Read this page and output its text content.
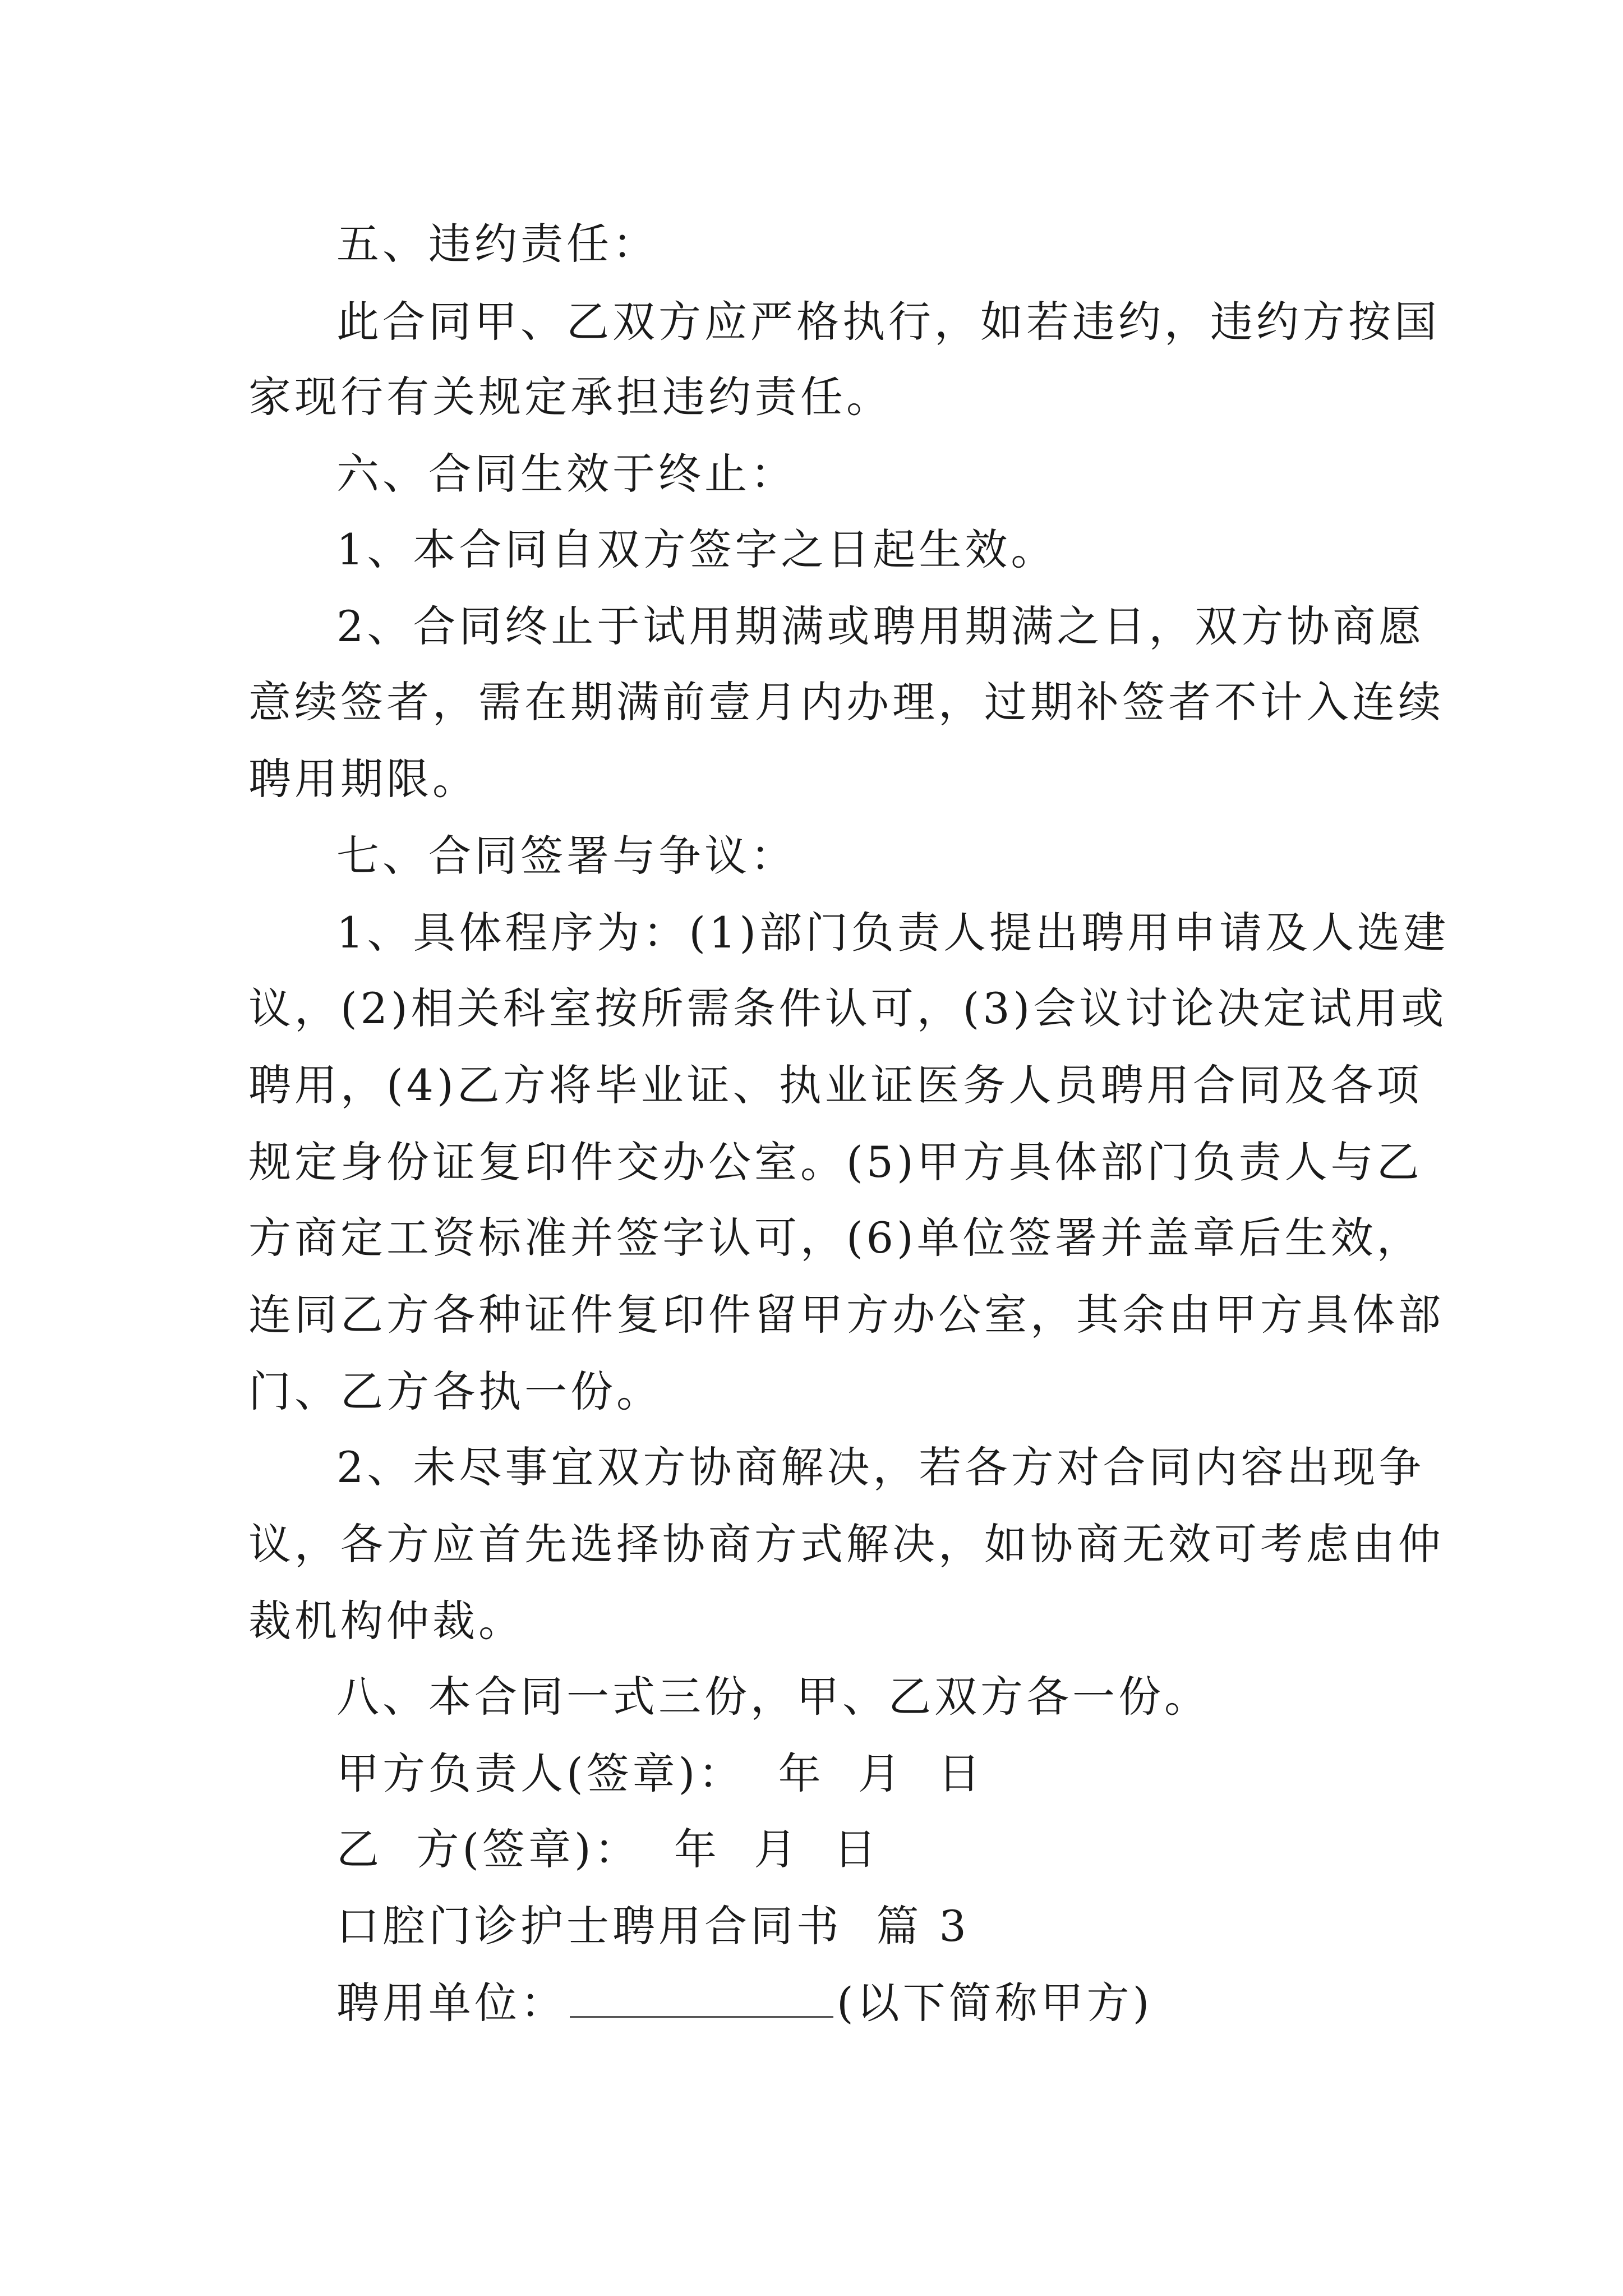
五、违约责任：
此合同甲、乙双方应严格执行，如若违约，违约方按国
家现行有关规定承担违约责任。
六、合同生效于终止：
1、本合同自双方签字之日起生效。
2、合同终止于试用期满或聘用期满之日，双方协商愿
意续签者，需在期满前壹月内办理，过期补签者不计入连续
聘用期限。
七、合同签署与争议：
1、具体程序为：(1)部门负责人提出聘用申请及人选建
议，(2)相关科室按所需条件认可，(3)会议讨论决定试用或
聘用，(4)乙方将毕业证、执业证医务人员聘用合同及各项
规定身份证复印件交办公室。(5)甲方具体部门负责人与乙
方商定工资标准并签字认可，(6)单位签署并盖章后生效，
连同乙方各种证件复印件留甲方办公室，其余由甲方具体部
门、乙方各执一份。
2、未尽事宜双方协商解决，若各方对合同内容出现争
议，各方应首先选择协商方式解决，如协商无效可考虑由仲
裁机构仲裁。
八、本合同一式三份，甲、乙双方各一份。
甲方负责人(签章)：  年  月  日
乙  方(签章)：  年  月  日
口腔门诊护士聘用合同书  篇 3
聘用单位：	(以下简称甲方)
